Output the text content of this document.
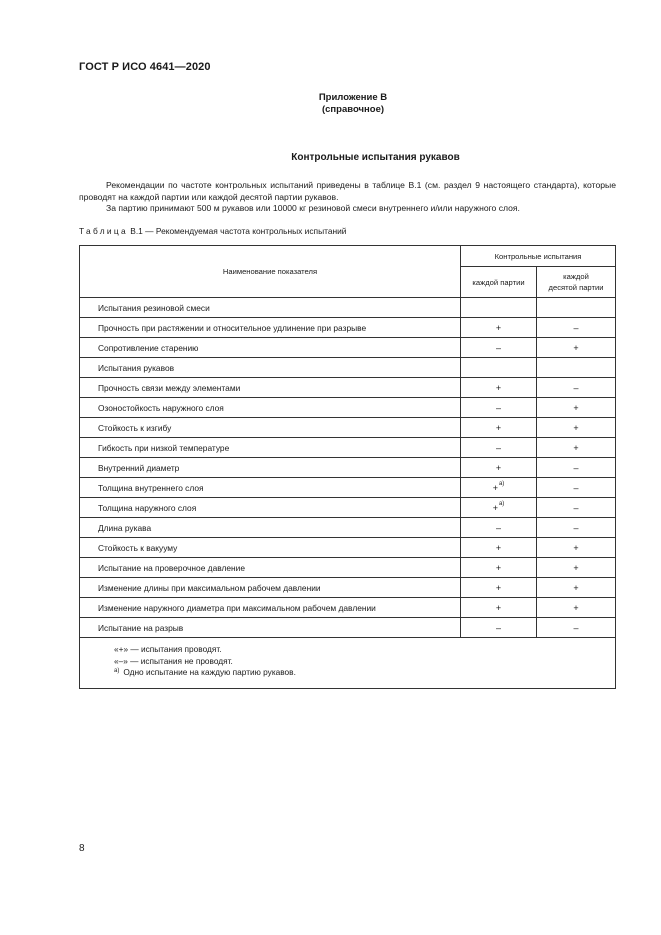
ГОСТ Р ИСО 4641—2020
Приложение В
(справочное)
Контрольные испытания рукавов
Рекомендации по частоте контрольных испытаний приведены в таблице В.1 (см. раздел 9 настоящего стандарта), которые проводят на каждой партии или каждой десятой партии рукавов.
За партию принимают 500 м рукавов или 10000 кг резиновой смеси внутреннего и/или наружного слоя.
Таблица В.1 — Рекомендуемая частота контрольных испытаний
Наименование показателя	Контрольные испытания	
	каждой партии	каждой
десятой партии

Испытания резиновой смеси		
Прочность при растяжении и относительное удлинение при разрыве	+	–
Сопротивление старению	–	+
Испытания рукавов		
Прочность связи между элементами	+	–
Озоностойкость наружного слоя	–	+
Стойкость к изгибу	+	+
Гибкость при низкой температуре	–	+
Внутренний диаметр	+	–
Толщина внутреннего слоя	+$^{а)}$	–
Толщина наружного слоя	+$^{а)}$	–
Длина рукава	–	–
Стойкость к вакууму	+	+
Испытание на проверочное давление	+	+
Изменение длины при максимальном рабочем давлении	+	+
Изменение наружного диаметра при максимальном рабочем давлении	+	+
Испытание на разрыв	–	–

«+» — испытания проводят.
«–» — испытания не проводят.
$^{а)}$ Одно испытание на каждую партию рукавов.		
8
